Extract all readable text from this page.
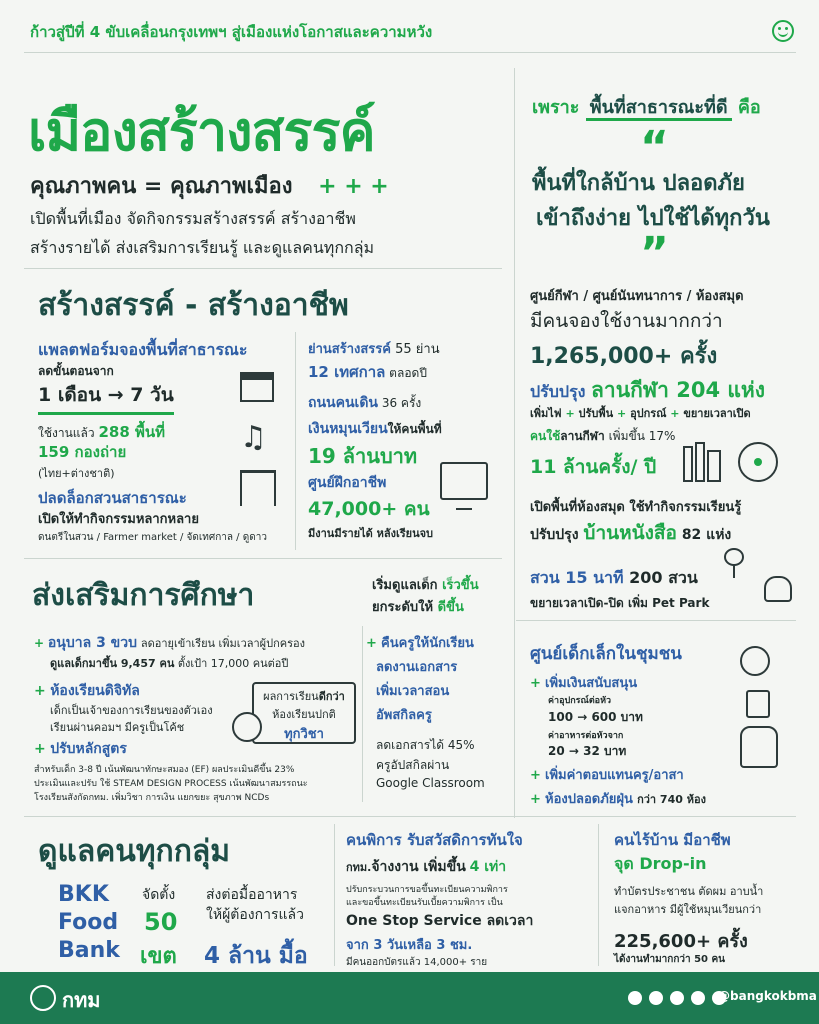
ก้าวสู่ปีที่ 4 ขับเคลื่อนกรุงเทพฯ สู่เมืองแห่งโอกาสและความหวัง
เมืองสร้างสรรค์
คุณภาพคน = คุณภาพเมือง + + +
เปิดพื้นที่เมือง จัดกิจกรรมสร้างสรรค์ สร้างอาชีพ
สร้างรายได้ ส่งเสริมการเรียนรู้ และดูแลคนทุกกลุ่ม
เพราะ พื้นที่สาธารณะที่ดี คือ
“
พื้นที่ใกล้บ้าน ปลอดภัย
เข้าถึงง่าย ไปใช้ได้ทุกวัน
”
ศูนย์กีฬา / ศูนย์นันทนาการ / ห้องสมุด
มีคนจองใช้งานมากกว่า
1,265,000+ ครั้ง
ปรับปรุง ลานกีฬา 204 แห่ง
เพิ่มไฟ + ปรับพื้น + อุปกรณ์ + ขยายเวลาเปิด
คนใช้ลานกีฬา เพิ่มขึ้น 17%
11 ล้านครั้ง/ ปี
เปิดพื้นที่ห้องสมุด ใช้ทำกิจกรรมเรียนรู้
ปรับปรุง บ้านหนังสือ 82 แห่ง
สวน 15 นาที 200 สวน
ขยายเวลาเปิด-ปิด เพิ่ม Pet Park
สร้างสรรค์ - สร้างอาชีพ
แพลตฟอร์มจองพื้นที่สาธารณะ
ลดขั้นตอนจาก
1 เดือน → 7 วัน
ใช้งานแล้ว 288 พื้นที่
159 กองถ่าย
(ไทย+ต่างชาติ)
♫
ปลดล็อกสวนสาธารณะ
เปิดให้ทำกิจกรรมหลากหลาย
ดนตรีในสวน / Farmer market / จัดเทศกาล / ดูดาว
ย่านสร้างสรรค์ 55 ย่าน
12 เทศกาล ตลอดปี
ถนนคนเดิน 36 ครั้ง
เงินหมุนเวียนให้คนพื้นที่
19 ล้านบาท
ศูนย์ฝึกอาชีพ
47,000+ คน
มีงานมีรายได้ หลังเรียนจบ
ส่งเสริมการศึกษา	เริ่มดูแลเด็ก เร็วขึ้น
ยกระดับให้ ดีขึ้น
+ อนุบาล 3 ขวบ ลดอายุเข้าเรียน เพิ่มเวลาผู้ปกครอง
ดูแลเด็กมาขึ้น 9,457 คน ตั้งเป้า 17,000 คนต่อปี
+ ห้องเรียนดิจิทัล
เด็กเป็นเจ้าของการเรียนของตัวเอง
เรียนผ่านคอมฯ มีครูเป็นโค้ช
+ ปรับหลักสูตร
ผลการเรียนดีกว่า
ห้องเรียนปกติ
ทุกวิชา
สำหรับเด็ก 3-8 ปี เน้นพัฒนาทักษะสมอง (EF) ผลประเมินดีขึ้น 23%
ประเมินและปรับ ใช้ STEAM DESIGN PROCESS เน้นพัฒนาสมรรถนะ
โรงเรียนสังกัดกทม. เพิ่มวิชา การเงิน แยกขยะ สุขภาพ NCDs
+ คืนครูให้นักเรียน
ลดงานเอกสาร
เพิ่มเวลาสอน
อัพสกิลครู
ลดเอกสารได้ 45%
ครูอัปสกิลผ่าน
Google Classroom
ศูนย์เด็กเล็กในชุมชน
+ เพิ่มเงินสนับสนุน
ค่าอุปกรณ์ต่อหัว
100 → 600 บาท
ค่าอาหารต่อหัวจาก
20 → 32 บาท
+ เพิ่มค่าตอบแทนครู/อาสา
+ ห้องปลอดภัยฝุ่น กว่า 740 ห้อง
ดูแลคนทุกกลุ่ม
BKK
Food
Bank
จัดตั้ง
50
เขต
ส่งต่อมื้ออาหาร
ให้ผู้ต้องการแล้ว
4 ล้าน มื้อ
คนพิการ รับสวัสดิการทันใจ
กทม.จ้างงาน เพิ่มขึ้น 4 เท่า
ปรับกระบวนการขอขึ้นทะเบียนความพิการ
และขอขึ้นทะเบียนรับเบี้ยความพิการ เป็น
One Stop Service ลดเวลา
จาก 3 วันเหลือ 3 ชม.
มีคนออกบัตรแล้ว 14,000+ ราย
คนไร้บ้าน มีอาชีพ
จุด Drop-in
ทำบัตรประชาชน ตัดผม อาบน้ำ
แจกอาหาร มีผู้ใช้หมุนเวียนกว่า
225,600+ ครั้ง
ได้งานทำมากกว่า 50 คน
กทม
	@bangkokbma
